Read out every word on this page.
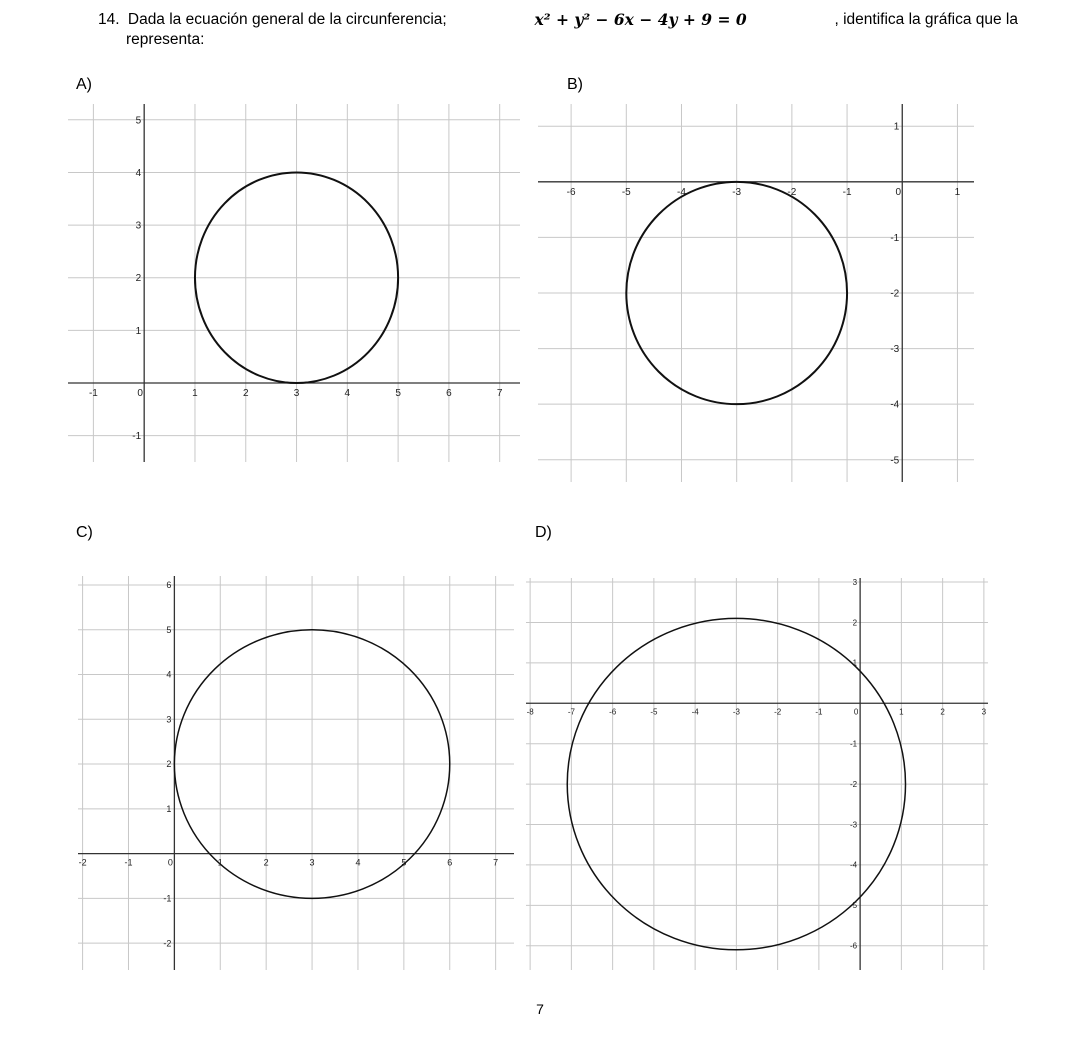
14. Dada la ecuación general de la circunferencia;	x² + y² − 6x − 4y + 9 = 0	, identifica la gráfica que la
representa:
A)	B)
C)	D)
-1	0	1	2	3	4	5	6	7
-1
1
2
3
4
5
-6	-5	-4	-3	-2	-1	0	1
1
-1
-2
-3
-4
-5
-2	-1	0	1	2	3	4	5	6	7
6
5
4
3
2
1
-1
-2
-8	-7	-6	-5	-4	-3	-2	-1	0	1	2	3
3
2
1
-1
-2
-3
-4
-5
-6
7
